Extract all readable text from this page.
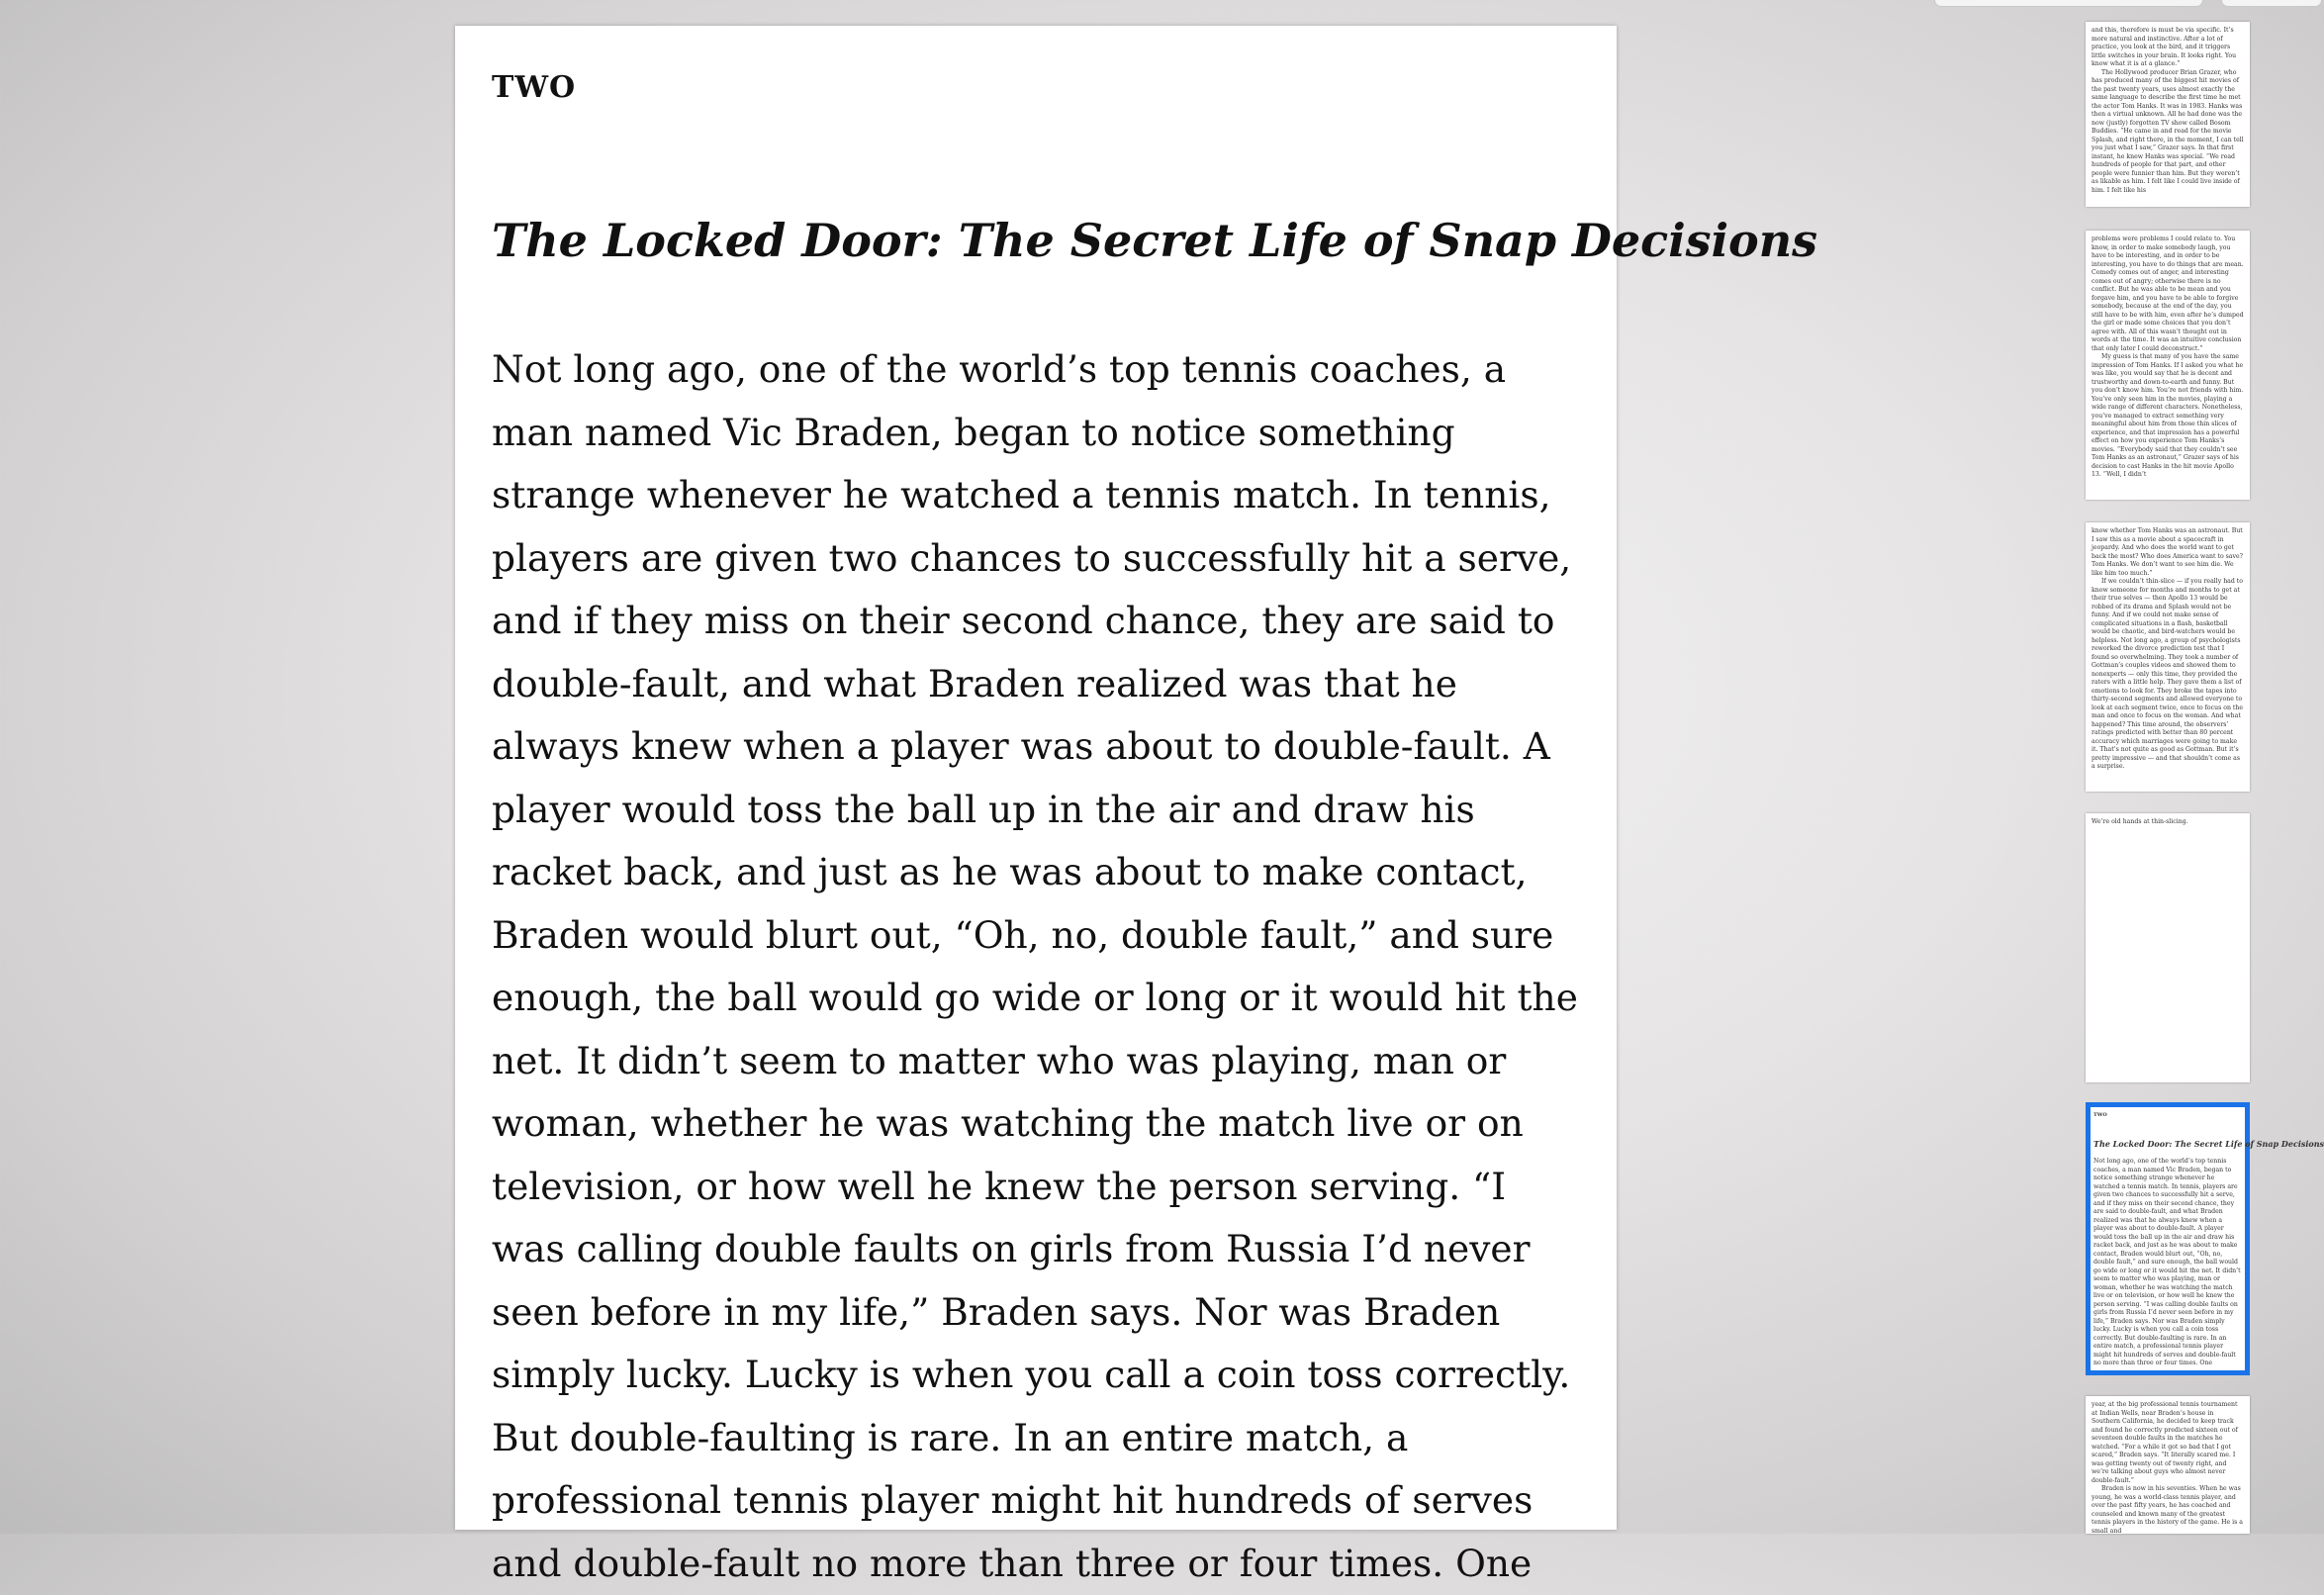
TWO
The Locked Door: The Secret Life of Snap Decisions

Not long ago, one of the world’s top tennis coaches, a man named Vic Braden, began to notice something strange whenever he watched a tennis match. In tennis, players are given two chances to successfully hit a serve, and if they miss on their second chance, they are said to double-fault, and what Braden realized was that he always knew when a player was about to double-fault. A player would toss the ball up in the air and draw his racket back, and just as he was about to make contact, Braden would blurt out, “Oh, no, double fault,” and sure enough, the ball would go wide or long or it would hit the net. It didn’t seem to matter who was playing, man or woman, whether he was watching the match live or on television, or how well he knew the person serving. “I was calling double faults on girls from Russia I’d never seen before in my life,” Braden says. Nor was Braden simply lucky. Lucky is when you call a coin toss correctly. But double-faulting is rare. In an entire match, a professional tennis player might hit hundreds of serves and double-fault no more than three or four times. One

and this, therefore is must be via specific. It’s more natural and instinctive. After a lot of practice, you look at the bird, and it triggers little switches in your brain. It looks right. You know what it is at a glance.”

The Hollywood producer Brian Grazer, who has produced many of the biggest hit movies of the past twenty years, uses almost exactly the same language to describe the first time he met the actor Tom Hanks. It was in 1983. Hanks was then a virtual unknown. All he had done was the now (justly) forgotten TV show called Bosom Buddies. “He came in and read for the movie Splash, and right there, in the moment, I can tell you just what I saw,” Grazer says. In that first instant, he knew Hanks was special. “We read hundreds of people for that part, and other people were funnier than him. But they weren’t as likable as him. I felt like I could live inside of him. I felt like his

problems were problems I could relate to. You know, in order to make somebody laugh, you have to be interesting, and in order to be interesting, you have to do things that are mean. Comedy comes out of anger, and interesting comes out of angry; otherwise there is no conflict. But he was able to be mean and you forgave him, and you have to be able to forgive somebody, because at the end of the day, you still have to be with him, even after he’s dumped the girl or made some choices that you don’t agree with. All of this wasn’t thought out in words at the time. It was an intuitive conclusion that only later I could deconstruct.”

My guess is that many of you have the same impression of Tom Hanks. If I asked you what he was like, you would say that he is decent and trustworthy and down-to-earth and funny. But you don’t know him. You’re not friends with him. You’ve only seen him in the movies, playing a wide range of different characters. Nonetheless, you’ve managed to extract something very meaningful about him from those thin slices of experience, and that impression has a powerful effect on how you experience Tom Hanks’s movies. “Everybody said that they couldn’t see Tom Hanks as an astronaut,” Grazer says of his decision to cast Hanks in the hit movie Apollo 13. “Well, I didn’t

know whether Tom Hanks was an astronaut. But I saw this as a movie about a spacecraft in jeopardy. And who does the world want to get back the most? Who does America want to save? Tom Hanks. We don’t want to see him die. We like him too much.”

If we couldn’t thin-slice — if you really had to know someone for months and months to get at their true selves — then Apollo 13 would be robbed of its drama and Splash would not be funny. And if we could not make sense of complicated situations in a flash, basketball would be chaotic, and bird-watchers would be helpless. Not long ago, a group of psychologists reworked the divorce prediction test that I found so overwhelming. They took a number of Gottman’s couples videos and showed them to nonexperts — only this time, they provided the raters with a little help. They gave them a list of emotions to look for. They broke the tapes into thirty-second segments and allowed everyone to look at each segment twice, once to focus on the man and once to focus on the woman. And what happened? This time around, the observers’ ratings predicted with better than 80 percent accuracy which marriages were going to make it. That’s not quite as good as Gottman. But it’s pretty impressive — and that shouldn’t come as a surprise.

We’re old hands at thin-slicing.

TWO
The Locked Door: The Secret Life of Snap Decisions

Not long ago, one of the world’s top tennis coaches, a man named Vic Braden, began to notice something strange whenever he watched a tennis match. In tennis, players are given two chances to successfully hit a serve, and if they miss on their second chance, they are said to double-fault, and what Braden realized was that he always knew when a player was about to double-fault. A player would toss the ball up in the air and draw his racket back, and just as he was about to make contact, Braden would blurt out, “Oh, no, double fault,” and sure enough, the ball would go wide or long or it would hit the net. It didn’t seem to matter who was playing, man or woman, whether he was watching the match live or on television, or how well he knew the person serving. “I was calling double faults on girls from Russia I’d never seen before in my life,” Braden says. Nor was Braden simply lucky. Lucky is when you call a coin toss correctly. But double-faulting is rare. In an entire match, a professional tennis player might hit hundreds of serves and double-fault no more than three or four times. One

year, at the big professional tennis tournament at Indian Wells, near Braden’s house in Southern California, he decided to keep track and found he correctly predicted sixteen out of seventeen double faults in the matches he watched. “For a while it got so bad that I got scared,” Braden says. “It literally scared me. I was getting twenty out of twenty right, and we’re talking about guys who almost never double-fault.”

Braden is now in his seventies. When he was young, he was a world-class tennis player, and over the past fifty years, he has coached and counseled and known many of the greatest tennis players in the history of the game. He is a small and
